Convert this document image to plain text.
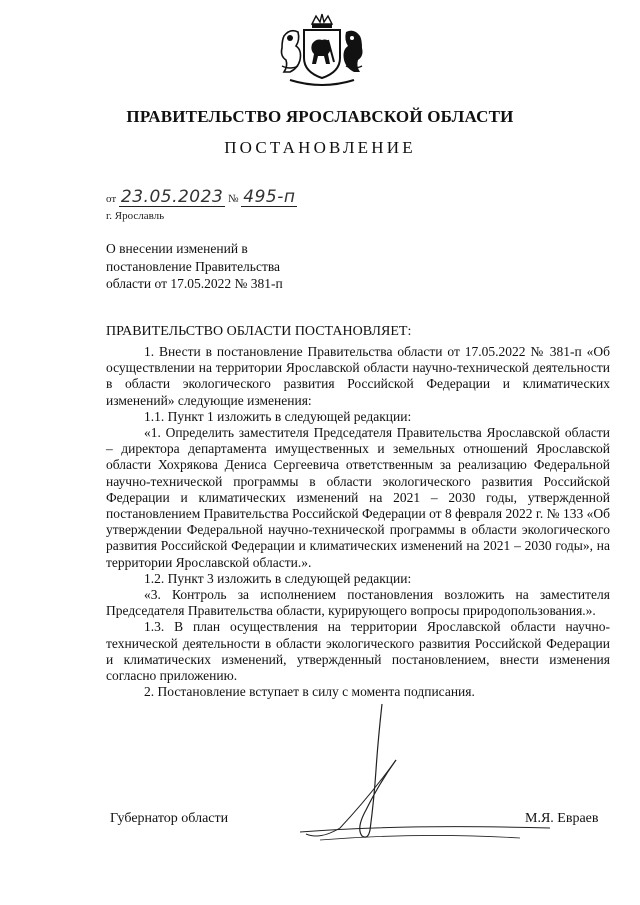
ПРАВИТЕЛЬСТВО ЯРОСЛАВСКОЙ ОБЛАСТИ
ПОСТАНОВЛЕНИЕ
от 23.05.2023 № 495-п
г. Ярославль
О внесении изменений в
постановление Правительства
области от 17.05.2022 № 381-п
ПРАВИТЕЛЬСТВО ОБЛАСТИ ПОСТАНОВЛЯЕТ:

1. Внести в постановление Правительства области от 17.05.2022 № 381-п «Об осуществлении на территории Ярославской области научно-технической деятельности в области экологического развития Российской Федерации и климатических изменений» следующие изменения:

1.1. Пункт 1 изложить в следующей редакции:

«1. Определить заместителя Председателя Правительства Ярославской области – директора департамента имущественных и земельных отношений Ярославской области Хохрякова Дениса Сергеевича ответственным за реализацию Федеральной научно-технической программы в области экологического развития Российской Федерации и климатических изменений на 2021 – 2030 годы, утвержденной постановлением Правительства Российской Федерации от 8 февраля 2022 г. № 133 «Об утверждении Федеральной научно-технической программы в области экологического развития Российской Федерации и климатических изменений на 2021 – 2030 годы», на территории Ярославской области.».

1.2. Пункт 3 изложить в следующей редакции:

«3. Контроль за исполнением постановления возложить на заместителя Председателя Правительства области, курирующего вопросы природопользования.».

1.3. В план осуществления на территории Ярославской области научно-технической деятельности в области экологического развития Российской Федерации и климатических изменений, утвержденный постановлением, внести изменения согласно приложению.

2. Постановление вступает в силу с момента подписания.

Губернатор области	М.Я. Евраев
